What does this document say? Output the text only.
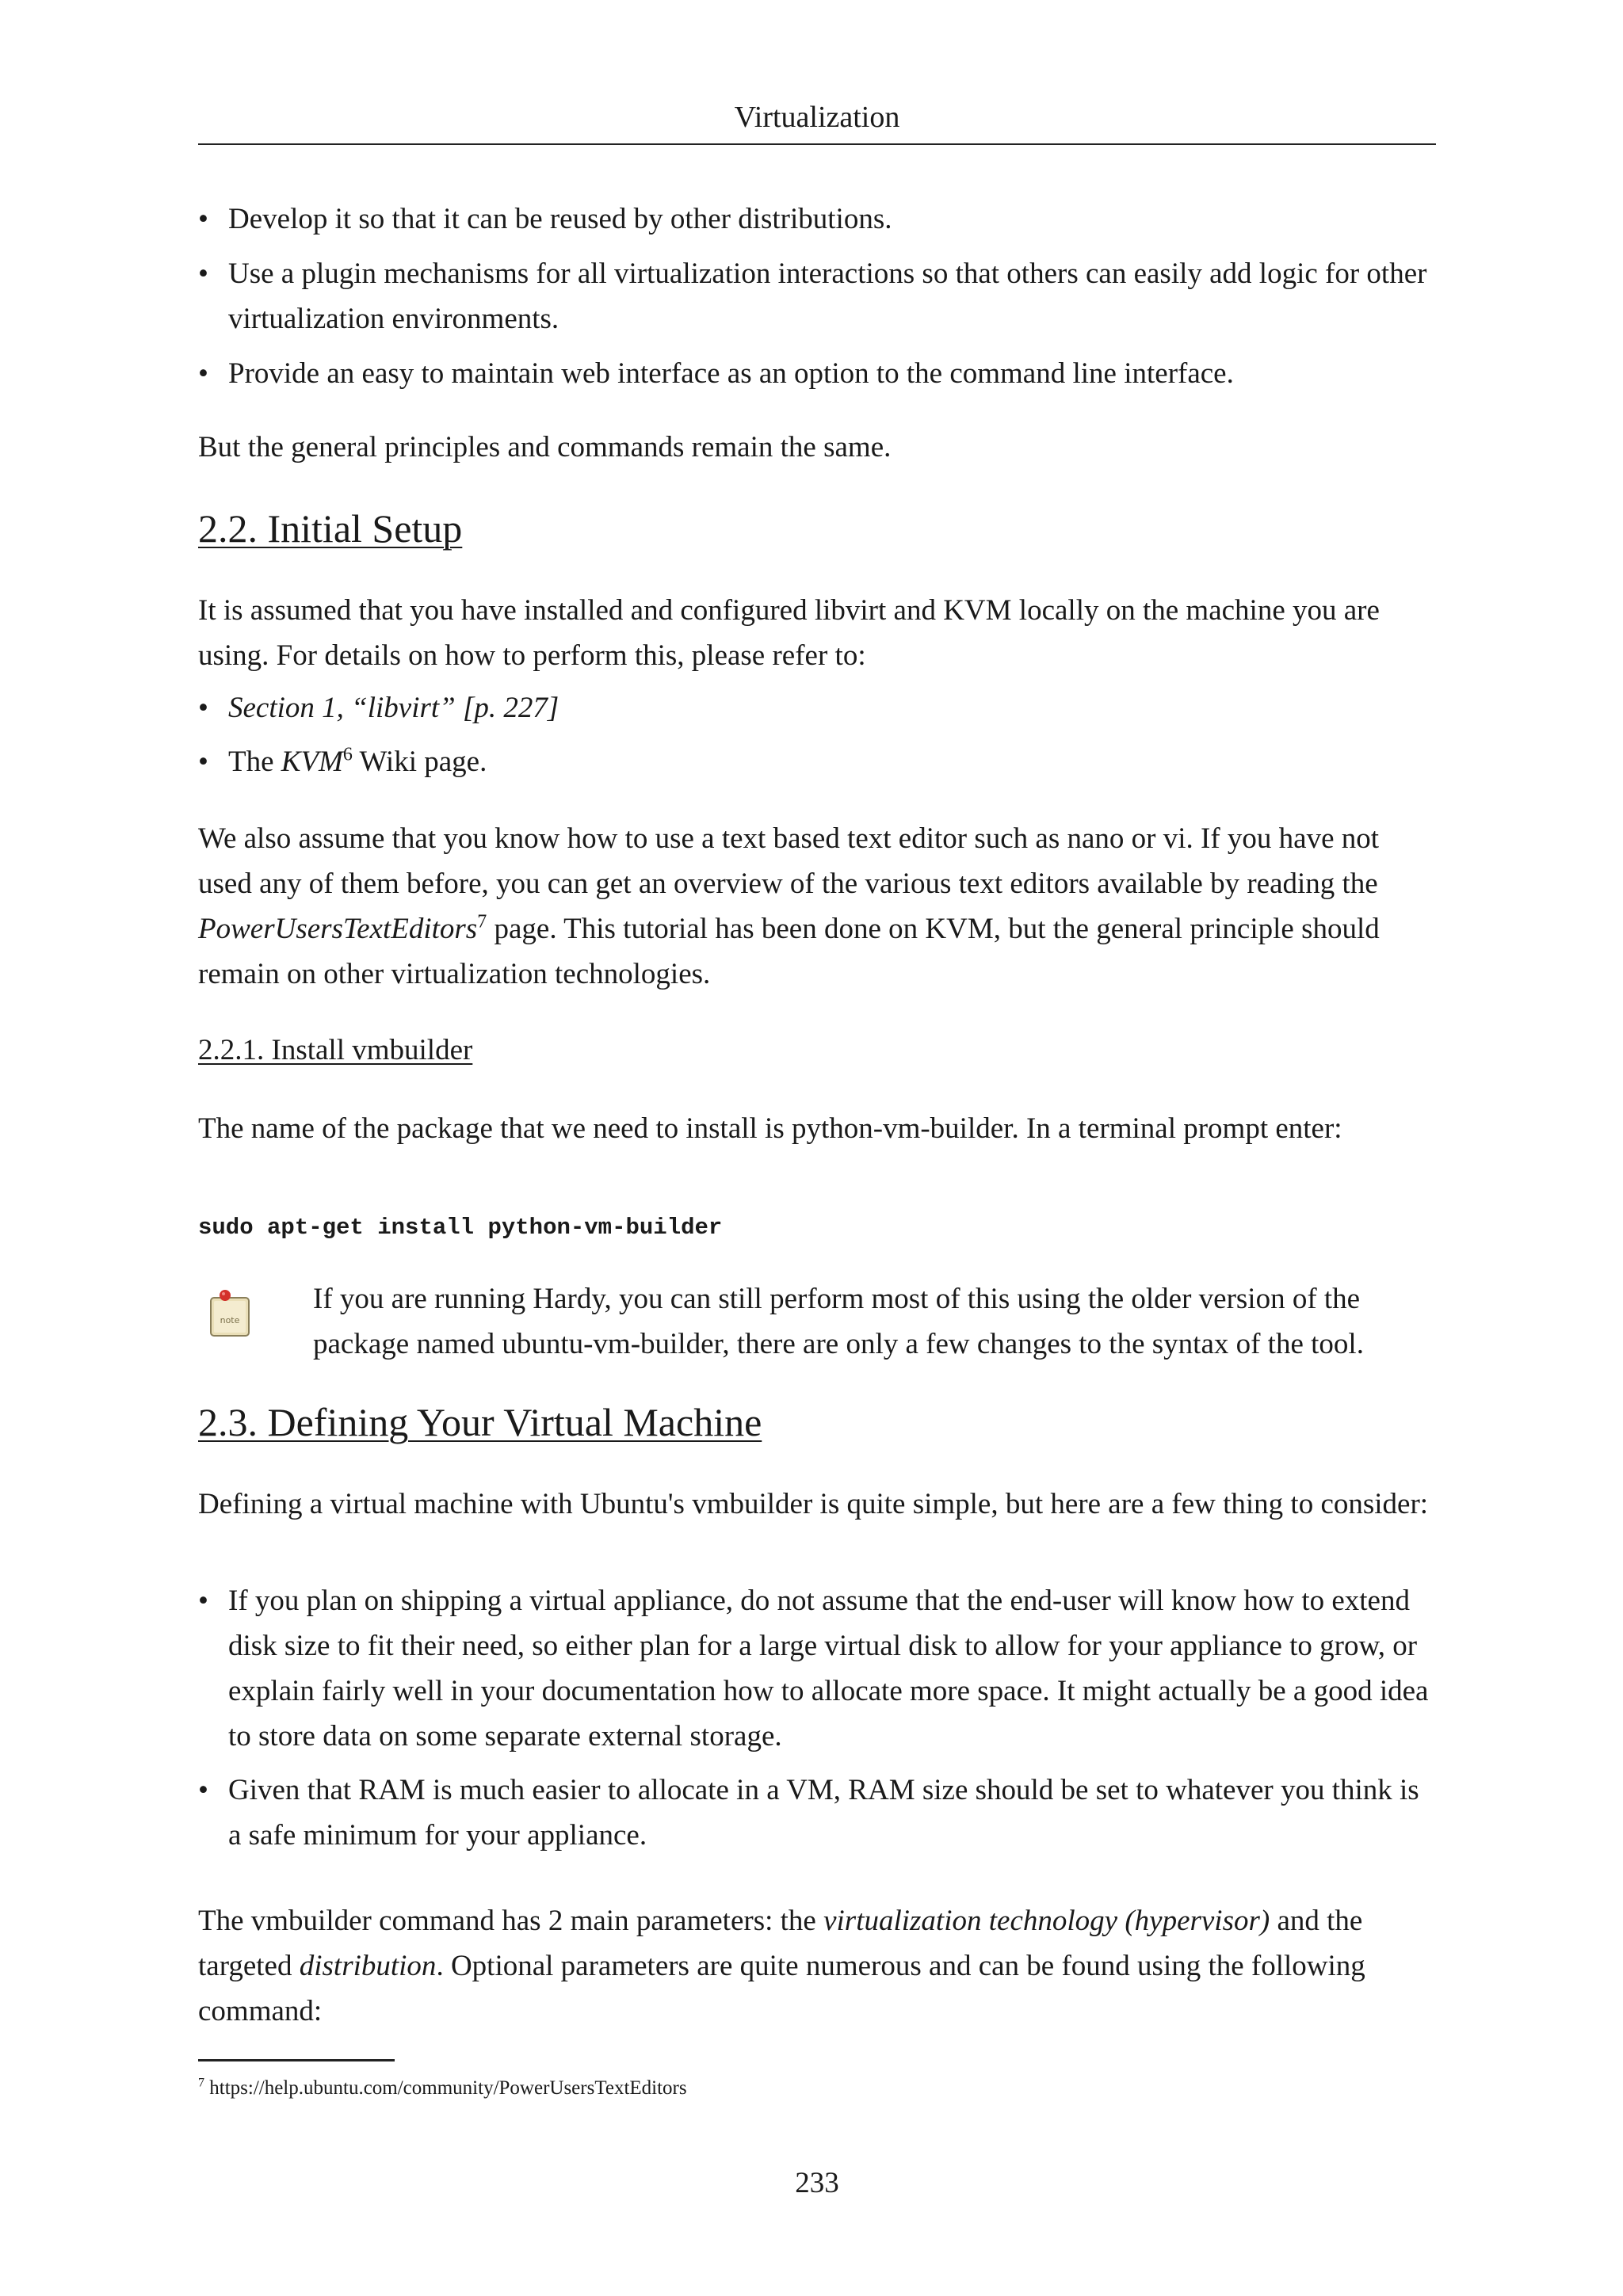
Virtualization
• Develop it so that it can be reused by other distributions.
• Use a plugin mechanisms for all virtualization interactions so that others can easily add logic for other virtualization environments.
• Provide an easy to maintain web interface as an option to the command line interface.

But the general principles and commands remain the same.

2.2. Initial Setup

It is assumed that you have installed and configured libvirt and KVM locally on the machine you are using. For details on how to perform this, please refer to:

• Section 1, “libvirt” [p. 227]
• The KVM$^6$ Wiki page.

We also assume that you know how to use a text based text editor such as nano or vi. If you have not used any of them before, you can get an overview of the various text editors available by reading the PowerUsersTextEditors$^7$ page. This tutorial has been done on KVM, but the general principle should remain on other virtualization technologies.

2.2.1. Install vmbuilder

The name of the package that we need to install is python-vm-builder. In a terminal prompt enter:

sudo apt-get install python-vm-builder
note
If you are running Hardy, you can still perform most of this using the older version of the package named ubuntu-vm-builder, there are only a few changes to the syntax of the tool.
2.3. Defining Your Virtual Machine

Defining a virtual machine with Ubuntu's vmbuilder is quite simple, but here are a few thing to consider:

• If you plan on shipping a virtual appliance, do not assume that the end-user will know how to extend disk size to fit their need, so either plan for a large virtual disk to allow for your appliance to grow, or explain fairly well in your documentation how to allocate more space. It might actually be a good idea to store data on some separate external storage.
• Given that RAM is much easier to allocate in a VM, RAM size should be set to whatever you think is a safe minimum for your appliance.

The vmbuilder command has 2 main parameters: the virtualization technology (hypervisor) and the targeted distribution. Optional parameters are quite numerous and can be found using the following command:

$^7$ https://help.ubuntu.com/community/PowerUsersTextEditors
233
